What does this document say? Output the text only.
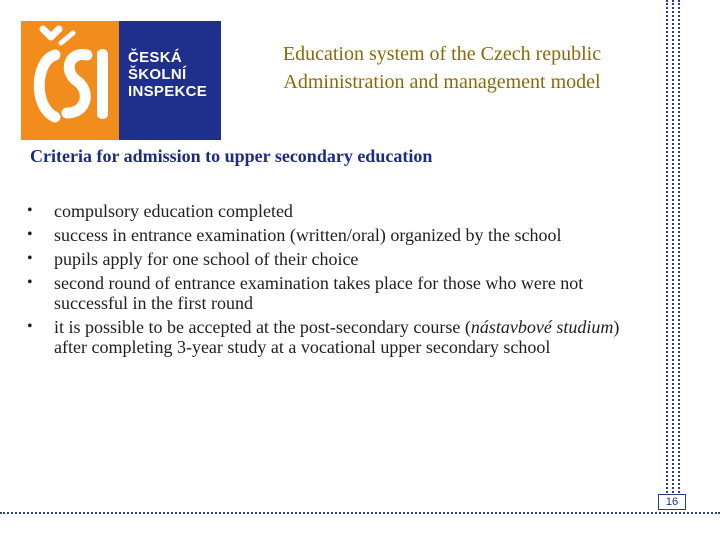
ČESKÁ
ŠKOLNÍ
INSPEKCE
Education system of the Czech republic
Administration and management model
Criteria for admission to upper secondary education
• compulsory education completed
• success in entrance examination (written/oral) organized by the school
• pupils apply for one school of their choice
• second round of entrance examination takes place for those who were not successful in the first round
• it is possible to be accepted at the post-secondary course (nástavbové studium) after completing 3-year study at a vocational upper secondary school
16
